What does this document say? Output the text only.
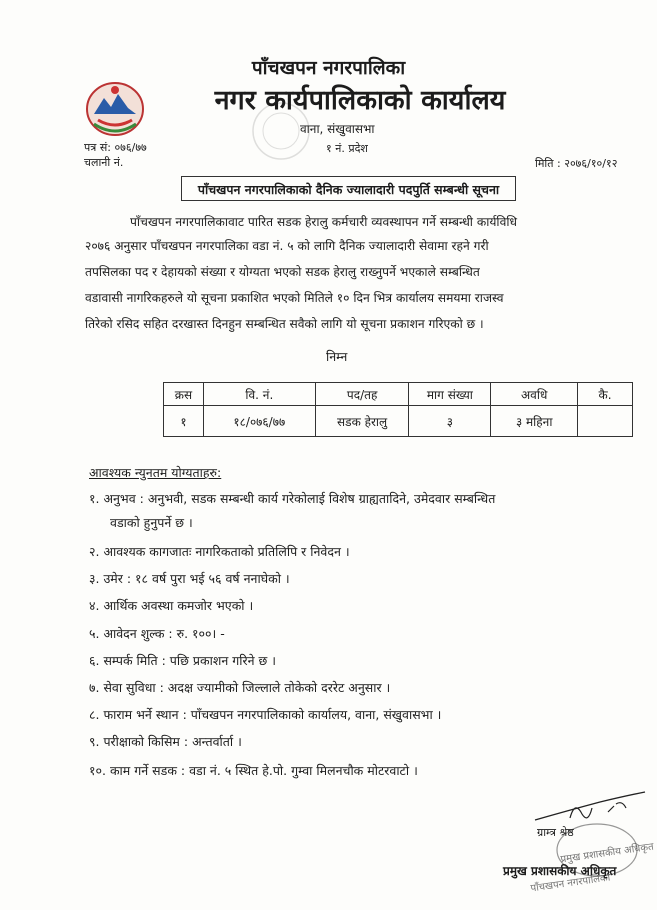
पाँचखपन नगरपालिका
नगर कार्यपालिकाको कार्यालय
वाना, संखुवासभा
१ नं. प्रदेश
पत्र सं: ०७६/७७
चलानी नं.	मिति : २०७६/१०/१२
पाँचखपन नगरपालिकाको दैनिक ज्यालादारी पदपुर्ति सम्बन्धी सूचना
पाँचखपन नगरपालिकावाट पारित सडक हेरालु कर्मचारी व्यवस्थापन गर्ने सम्बन्धी कार्यविधि
२०७६ अनुसार पाँचखपन नगरपालिका वडा नं. ५ को लागि दैनिक ज्यालादारी सेवामा रहने गरी
तपसिलका पद र देहायको संख्या र योग्यता भएको सडक हेरालु राख्नुपर्ने भएकाले सम्बन्धित
वडावासी नागरिकहरुले यो सूचना प्रकाशित भएको मितिले १० दिन भित्र कार्यालय समयमा राजस्व
तिरेको रसिद सहित दरखास्त दिनहुन सम्बन्धित सवैको लागि यो सूचना प्रकाशन गरिएको छ ।
निम्न
क्रस	वि. नं.	पद/तह	माग संख्या	अवधि	कै.
१	१८/०७६/७७	सडक हेरालु	३	३ महिना	
आवश्यक न्युनतम योग्यताहरु:
१. अनुभव : अनुभवी, सडक सम्बन्धी कार्य गरेकोलाई विशेष ग्राह्यतादिने, उमेदवार सम्बन्धित
वडाको हुनुपर्ने छ ।
२. आवश्यक कागजातः नागरिकताको प्रतिलिपि र निवेदन ।
३. उमेर : १८ वर्ष पुरा भई ५६ वर्ष ननाघेको ।
४. आर्थिक अवस्था कमजोर भएको ।
५. आवेदन शुल्क : रु. १००। -
६. सम्पर्क मिति : पछि प्रकाशन गरिने छ ।
७. सेवा सुविधा : अदक्ष ज्यामीको जिल्लाले तोकेको दररेट अनुसार ।
८. फाराम भर्ने स्थान : पाँचखपन नगरपालिकाको कार्यालय, वाना, संखुवासभा ।
९. परीक्षाको किसिम : अन्तर्वार्ता ।
१०. काम गर्ने सडक : वडा नं. ५ स्थित हे.पो. गुम्वा मिलनचौक मोटरवाटो ।
प्रमुख प्रशासकीय अधिकृत
पाँचखपन नगरपालिका
ग्राम्त्र श्रेष्ठ
प्रमुख प्रशासकीय अधिकृत
